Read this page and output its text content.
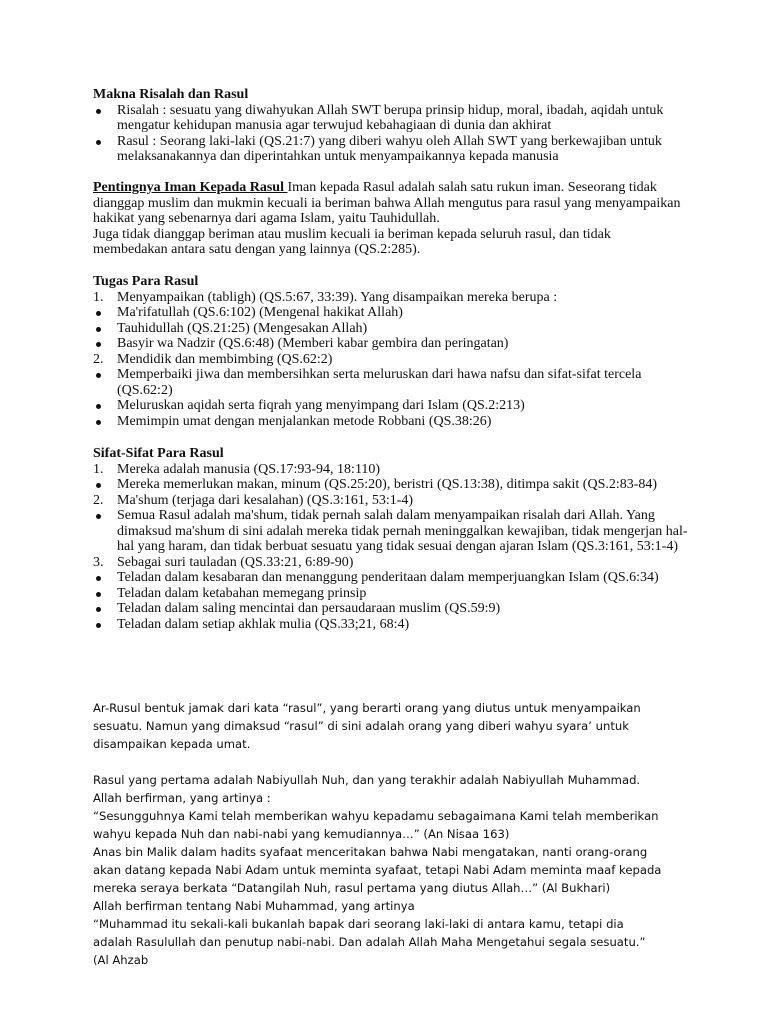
Makna Risalah dan Rasul
Risalah : sesuatu yang diwahyukan Allah SWT berupa prinsip hidup, moral, ibadah, aqidah untuk mengatur kehidupan manusia agar terwujud kebahagiaan di dunia dan akhirat
Rasul : Seorang laki-laki (QS.21:7) yang diberi wahyu oleh Allah SWT yang berkewajiban untuk melaksanakannya dan diperintahkan untuk menyampaikannya kepada manusia

Pentingnya Iman Kepada Rasul Iman kepada Rasul adalah salah satu rukun iman. Seseorang tidak dianggap muslim dan mukmin kecuali ia beriman bahwa Allah mengutus para rasul yang menyampaikan hakikat yang sebenarnya dari agama Islam, yaitu Tauhidullah.

Juga tidak dianggap beriman atau muslim kecuali ia beriman kepada seluruh rasul, dan tidak membedakan antara satu dengan yang lainnya (QS.2:285).

Tugas Para Rasul
1. Menyampaikan (tabligh) (QS.5:67, 33:39). Yang disampaikan mereka berupa :
Ma'rifatullah (QS.6:102) (Mengenal hakikat Allah)
Tauhidullah (QS.21:25) (Mengesakan Allah)
Basyir wa Nadzir (QS.6:48) (Memberi kabar gembira dan peringatan)
2. Mendidik dan membimbing (QS.62:2)
Memperbaiki jiwa dan membersihkan serta meluruskan dari hawa nafsu dan sifat-sifat tercela (QS.62:2)
Meluruskan aqidah serta fiqrah yang menyimpang dari Islam (QS.2:213)
Memimpin umat dengan menjalankan metode Robbani (QS.38:26)
Sifat-Sifat Para Rasul
1. Mereka adalah manusia (QS.17:93-94, 18:110)
Mereka memerlukan makan, minum (QS.25:20), beristri (QS.13:38), ditimpa sakit (QS.2:83-84)
2. Ma'shum (terjaga dari kesalahan) (QS.3:161, 53:1-4)
Semua Rasul adalah ma'shum, tidak pernah salah dalam menyampaikan risalah dari Allah. Yang dimaksud ma'shum di sini adalah mereka tidak pernah meninggalkan kewajiban, tidak mengerjan hal-hal yang haram, dan tidak berbuat sesuatu yang tidak sesuai dengan ajaran Islam (QS.3:161, 53:1-4)
3. Sebagai suri tauladan (QS.33:21, 6:89-90)
Teladan dalam kesabaran dan menanggung penderitaan dalam memperjuangkan Islam (QS.6:34)
Teladan dalam ketabahan memegang prinsip
Teladan dalam saling mencintai dan persaudaraan muslim (QS.59:9)
Teladan dalam setiap akhlak mulia (QS.33;21, 68:4)

Ar-Rusul bentuk jamak dari kata “rasul”, yang berarti orang yang diutus untuk menyampaikan sesuatu. Namun yang dimaksud “rasul” di sini adalah orang yang diberi wahyu syara’ untuk disampaikan kepada umat.

Rasul yang pertama adalah Nabiyullah Nuh, dan yang terakhir adalah Nabiyullah Muhammad. Allah berfirman, yang artinya :

“Sesungguhnya Kami telah memberikan wahyu kepadamu sebagaimana Kami telah memberikan wahyu kepada Nuh dan nabi-nabi yang kemudiannya…” (An Nisaa 163)

Anas bin Malik dalam hadits syafaat menceritakan bahwa Nabi mengatakan, nanti orang-orang akan datang kepada Nabi Adam untuk meminta syafaat, tetapi Nabi Adam meminta maaf kepada mereka seraya berkata “Datangilah Nuh, rasul pertama yang diutus Allah…” (Al Bukhari)

Allah berfirman tentang Nabi Muhammad, yang artinya

“Muhammad itu sekali-kali bukanlah bapak dari seorang laki-laki di antara kamu, tetapi dia adalah Rasulullah dan penutup nabi-nabi. Dan adalah Allah Maha Mengetahui segala sesuatu.” (Al Ahzab
